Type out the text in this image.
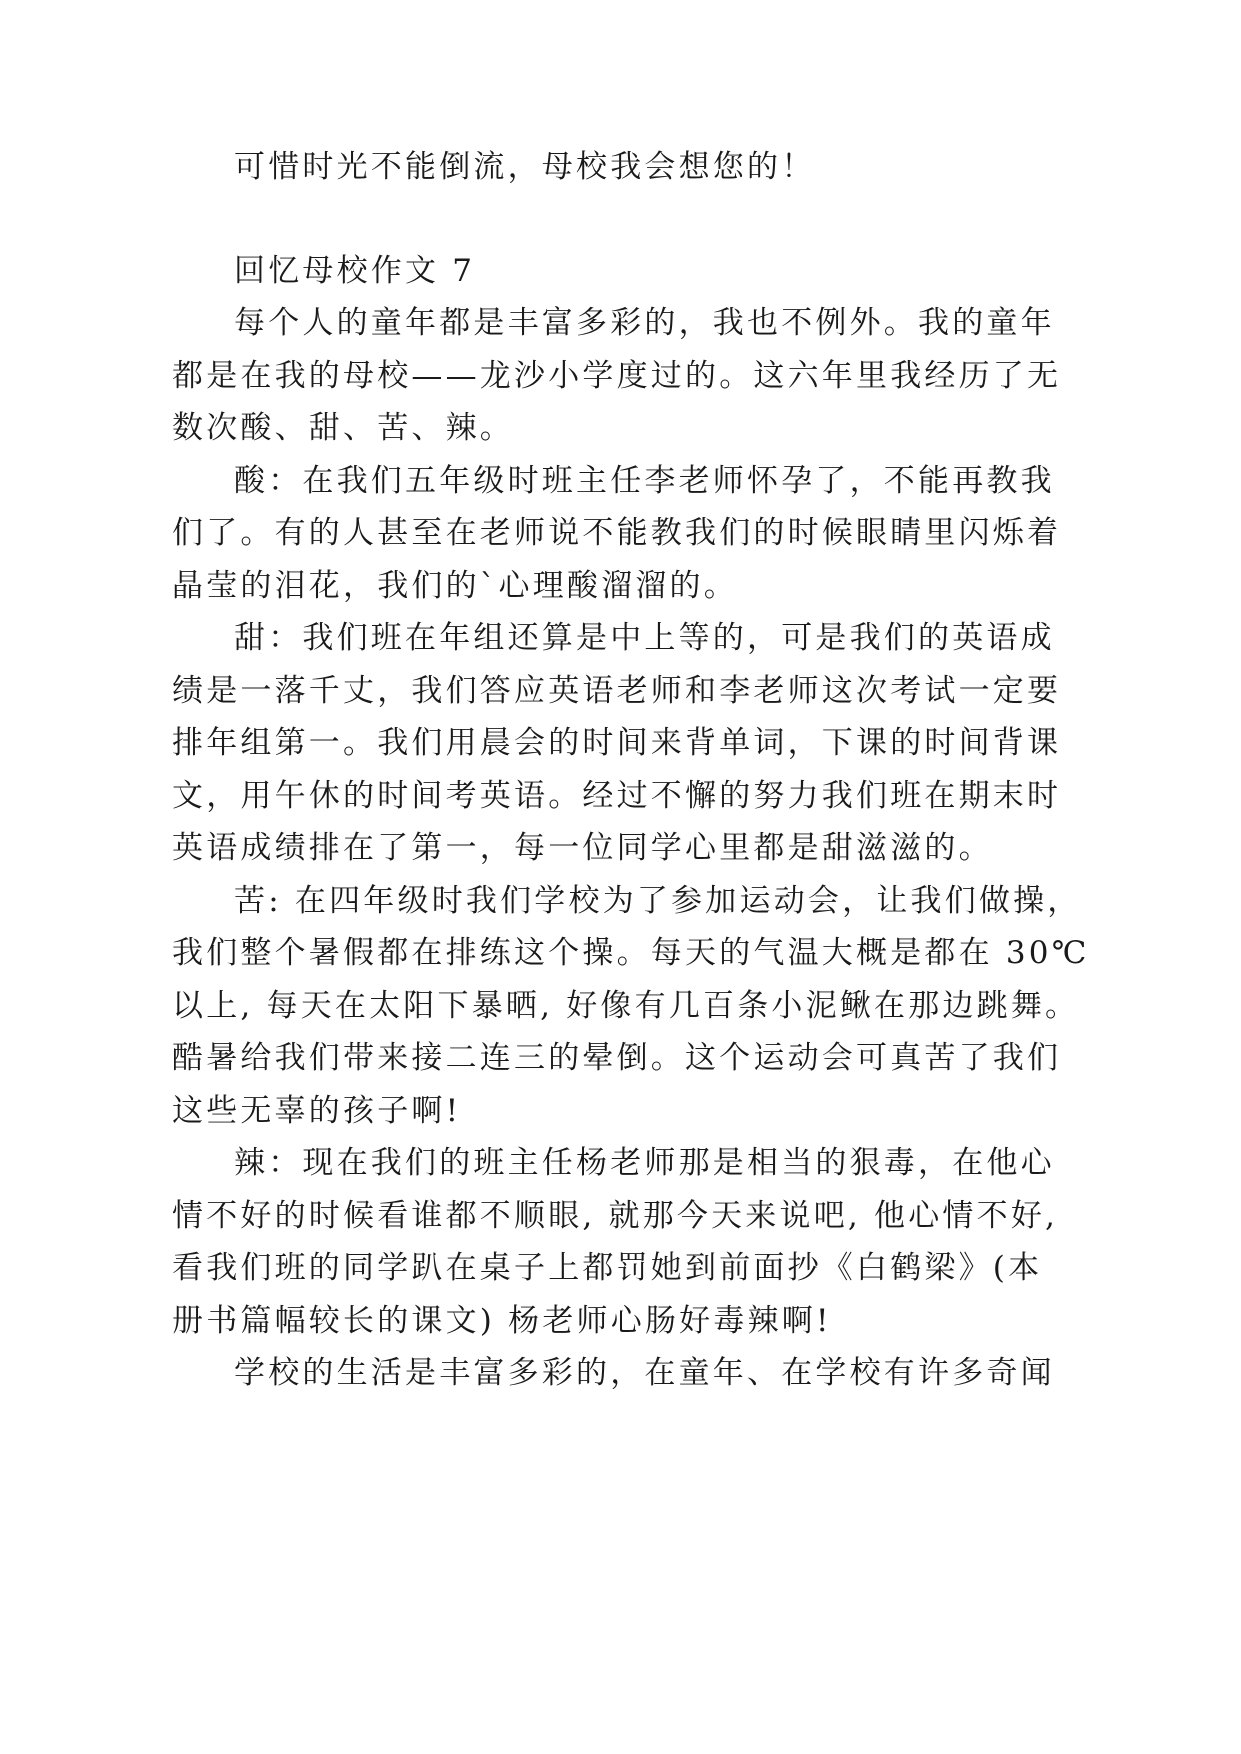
可惜时光不能倒流，母校我会想您的！
回忆母校作文 7
每个人的童年都是丰富多彩的，我也不例外。我的童年
都是在我的母校——龙沙小学度过的。这六年里我经历了无
数次酸、甜、苦、辣。
酸：在我们五年级时班主任李老师怀孕了，不能再教我
们了。有的人甚至在老师说不能教我们的时候眼睛里闪烁着
晶莹的泪花，我们的`心理酸溜溜的。
甜：我们班在年组还算是中上等的，可是我们的英语成
绩是一落千丈，我们答应英语老师和李老师这次考试一定要
排年组第一。我们用晨会的时间来背单词，下课的时间背课
文，用午休的时间考英语。经过不懈的努力我们班在期末时
英语成绩排在了第一，每一位同学心里都是甜滋滋的。
苦: 在四年级时我们学校为了参加运动会，让我们做操，
我们整个暑假都在排练这个操。每天的气温大概是都在 30℃
以上, 每天在太阳下暴晒, 好像有几百条小泥鳅在那边跳舞。
酷暑给我们带来接二连三的晕倒。这个运动会可真苦了我们
这些无辜的孩子啊!
辣：现在我们的班主任杨老师那是相当的狠毒，在他心
情不好的时候看谁都不顺眼, 就那今天来说吧, 他心情不好,
看我们班的同学趴在桌子上都罚她到前面抄《白鹤梁》(本
册书篇幅较长的课文) 杨老师心肠好毒辣啊!
学校的生活是丰富多彩的，在童年、在学校有许多奇闻
